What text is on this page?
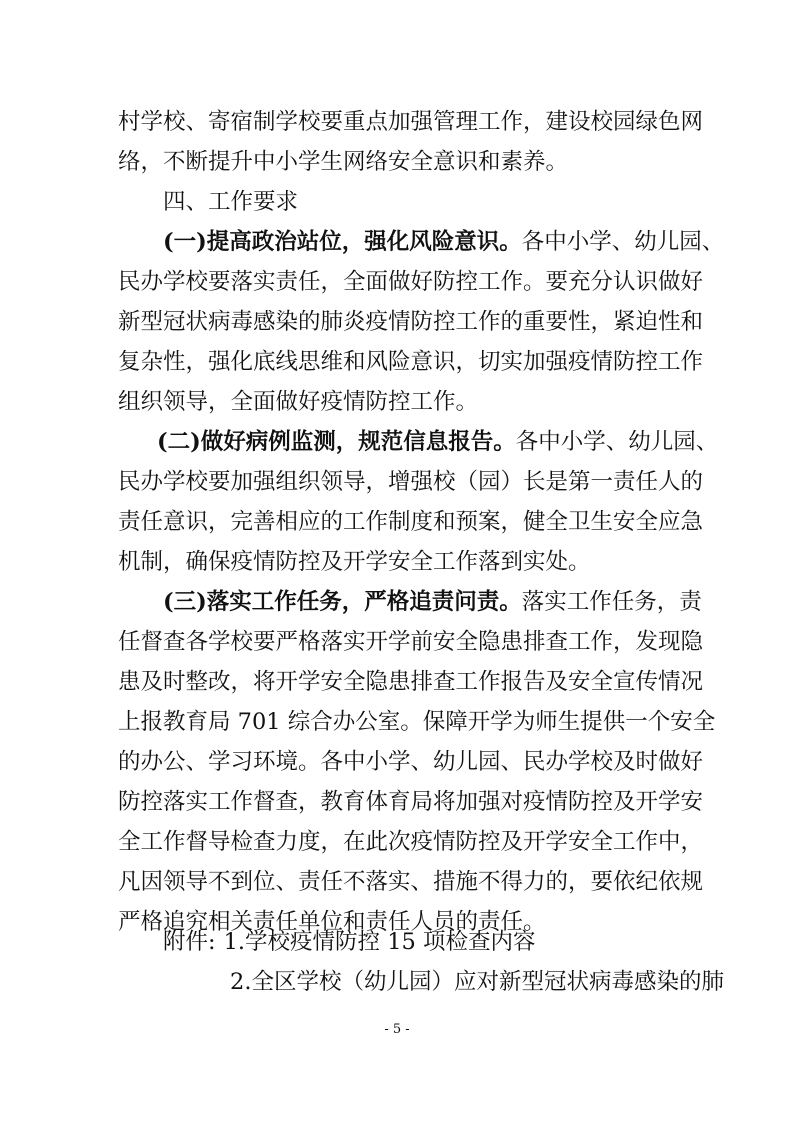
村学校、寄宿制学校要重点加强管理工作，建设校园绿色网
络，不断提升中小学生网络安全意识和素养。
四、工作要求
(一)提高政治站位，强化风险意识。各中小学、幼儿园、
民办学校要落实责任，全面做好防控工作。要充分认识做好
新型冠状病毒感染的肺炎疫情防控工作的重要性，紧迫性和
复杂性，强化底线思维和风险意识，切实加强疫情防控工作
组织领导，全面做好疫情防控工作。
(二)做好病例监测，规范信息报告。各中小学、幼儿园、
民办学校要加强组织领导，增强校（园）长是第一责任人的
责任意识，完善相应的工作制度和预案，健全卫生安全应急
机制，确保疫情防控及开学安全工作落到实处。
(三)落实工作任务，严格追责问责。落实工作任务，责
任督查各学校要严格落实开学前安全隐患排查工作，发现隐
患及时整改，将开学安全隐患排查工作报告及安全宣传情况
上报教育局 701 综合办公室。保障开学为师生提供一个安全
的办公、学习环境。各中小学、幼儿园、民办学校及时做好
防控落实工作督查，教育体育局将加强对疫情防控及开学安
全工作督导检查力度，在此次疫情防控及开学安全工作中，
凡因领导不到位、责任不落实、措施不得力的，要依纪依规
严格追究相关责任单位和责任人员的责任。
附件: 1.学校疫情防控 15 项检查内容
2.全区学校（幼儿园）应对新型冠状病毒感染的肺
- 5 -
